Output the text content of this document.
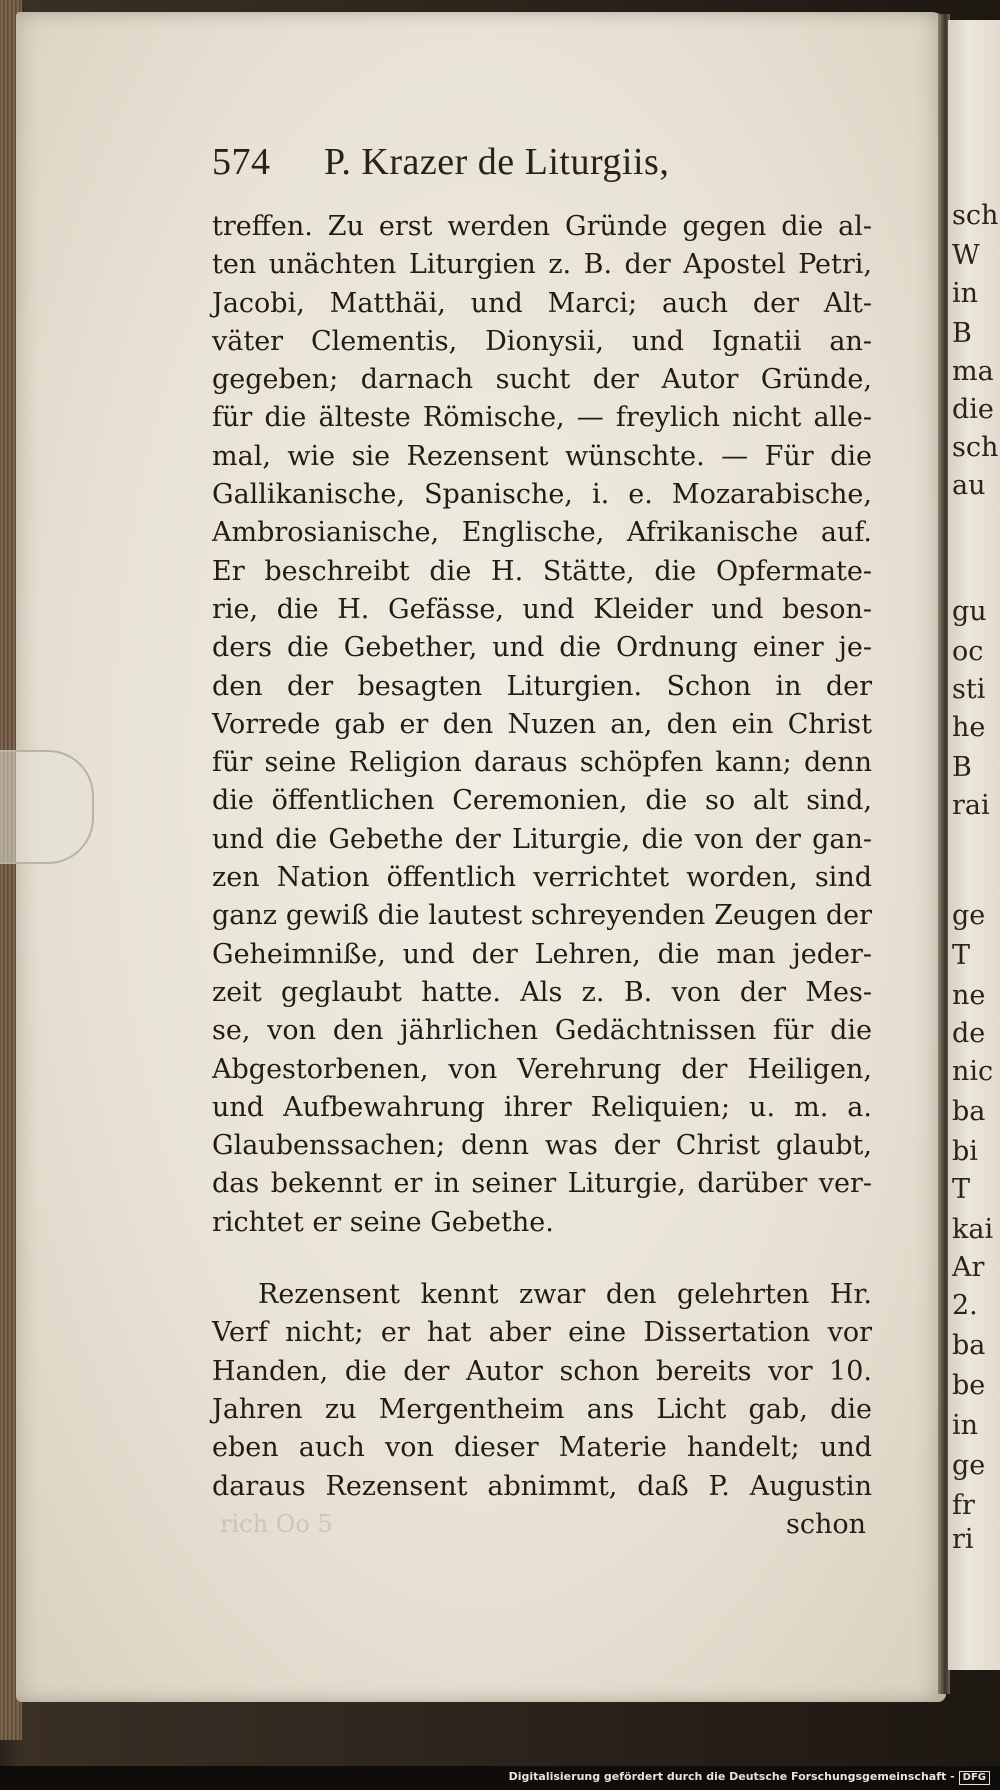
sch
W
in
B
ma
die
sch
au
gu
oc
sti
he
B
rai
ge
T
ne
de
nic
ba
bi
T
kai
Ar
2.
ba
be
in
ge
fr
ri
574 P. Krazer de Liturgiis,
treffen. Zu erst werden Gründe gegen die al-
ten unächten Liturgien z. B. der Apostel Petri,
Jacobi, Matthäi, und Marci; auch der Alt-
väter Clementis, Dionysii, und Ignatii an-
gegeben; darnach sucht der Autor Gründe,
für die älteste Römische, — freylich nicht alle-
mal, wie sie Rezensent wünschte. — Für die
Gallikanische, Spanische, i. e. Mozarabische,
Ambrosianische, Englische, Afrikanische auf.
Er beschreibt die H. Stätte, die Opfermate-
rie, die H. Gefässe, und Kleider und beson-
ders die Gebether, und die Ordnung einer je-
den der besagten Liturgien. Schon in der
Vorrede gab er den Nuzen an, den ein Christ
für seine Religion daraus schöpfen kann; denn
die öffentlichen Ceremonien, die so alt sind,
und die Gebethe der Liturgie, die von der gan-
zen Nation öffentlich verrichtet worden, sind
ganz gewiß die lautest schreyenden Zeugen der
Geheimniße, und der Lehren, die man jeder-
zeit geglaubt hatte. Als z. B. von der Mes-
se, von den jährlichen Gedächtnissen für die
Abgestorbenen, von Verehrung der Heiligen,
und Aufbewahrung ihrer Reliquien; u. m. a.
Glaubenssachen; denn was der Christ glaubt,
das bekennt er in seiner Liturgie, darüber ver-
richtet er seine Gebethe.
Rezensent kennt zwar den gelehrten Hr.
Verf nicht; er hat aber eine Dissertation vor
Handen, die der Autor schon bereits vor 10.
Jahren zu Mergentheim ans Licht gab, die
eben auch von dieser Materie handelt; und
daraus Rezensent abnimmt, daß P. Augustin
schon
rich Oo 5
Digitalisierung gefördert durch die Deutsche Forschungsgemeinschaft - DFG
